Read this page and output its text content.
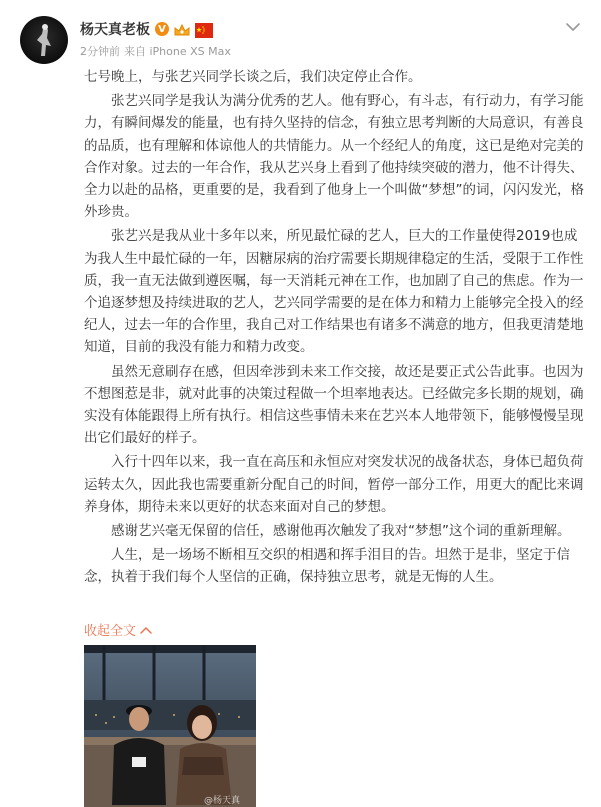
杨天真老板 V
2分钟前 来自 iPhone XS Max

七号晚上，与张艺兴同学长谈之后，我们决定停止合作。

张艺兴同学是我认为满分优秀的艺人。他有野心，有斗志，有行动力，有学习能力，有瞬间爆发的能量，也有持久坚持的信念，有独立思考判断的大局意识，有善良的品质，也有理解和体谅他人的共情能力。从一个经纪人的角度，这已是绝对完美的合作对象。过去的一年合作，我从艺兴身上看到了他持续突破的潜力，他不计得失、全力以赴的品格，更重要的是，我看到了他身上一个叫做“梦想”的词，闪闪发光，格外珍贵。

张艺兴是我从业十多年以来，所见最忙碌的艺人，巨大的工作量使得2019也成为我人生中最忙碌的一年，因糖尿病的治疗需要长期规律稳定的生活，受限于工作性质，我一直无法做到遵医嘱，每一天消耗元神在工作，也加剧了自己的焦虑。作为一个追逐梦想及持续进取的艺人，艺兴同学需要的是在体力和精力上能够完全投入的经纪人，过去一年的合作里，我自己对工作结果也有诸多不满意的地方，但我更清楚地知道，目前的我没有能力和精力改变。

虽然无意刷存在感，但因牵涉到未来工作交接，故还是要正式公告此事。也因为不想图惹是非，就对此事的决策过程做一个坦率地表达。已经做完多长期的规划，确实没有体能跟得上所有执行。相信这些事情未来在艺兴本人地带领下，能够慢慢呈现出它们最好的样子。

入行十四年以来，我一直在高压和永恒应对突发状况的战备状态，身体已超负荷运转太久，因此我也需要重新分配自己的时间，暂停一部分工作，用更大的配比来调养身体，期待未来以更好的状态来面对自己的梦想。

感谢艺兴毫无保留的信任，感谢他再次触发了我对“梦想”这个词的重新理解。

人生，是一场场不断相互交织的相遇和挥手泪目的告。坦然于是非，坚定于信念，执着于我们每个人坚信的正确，保持独立思考，就是无悔的人生。

收起全文
@杨天真
